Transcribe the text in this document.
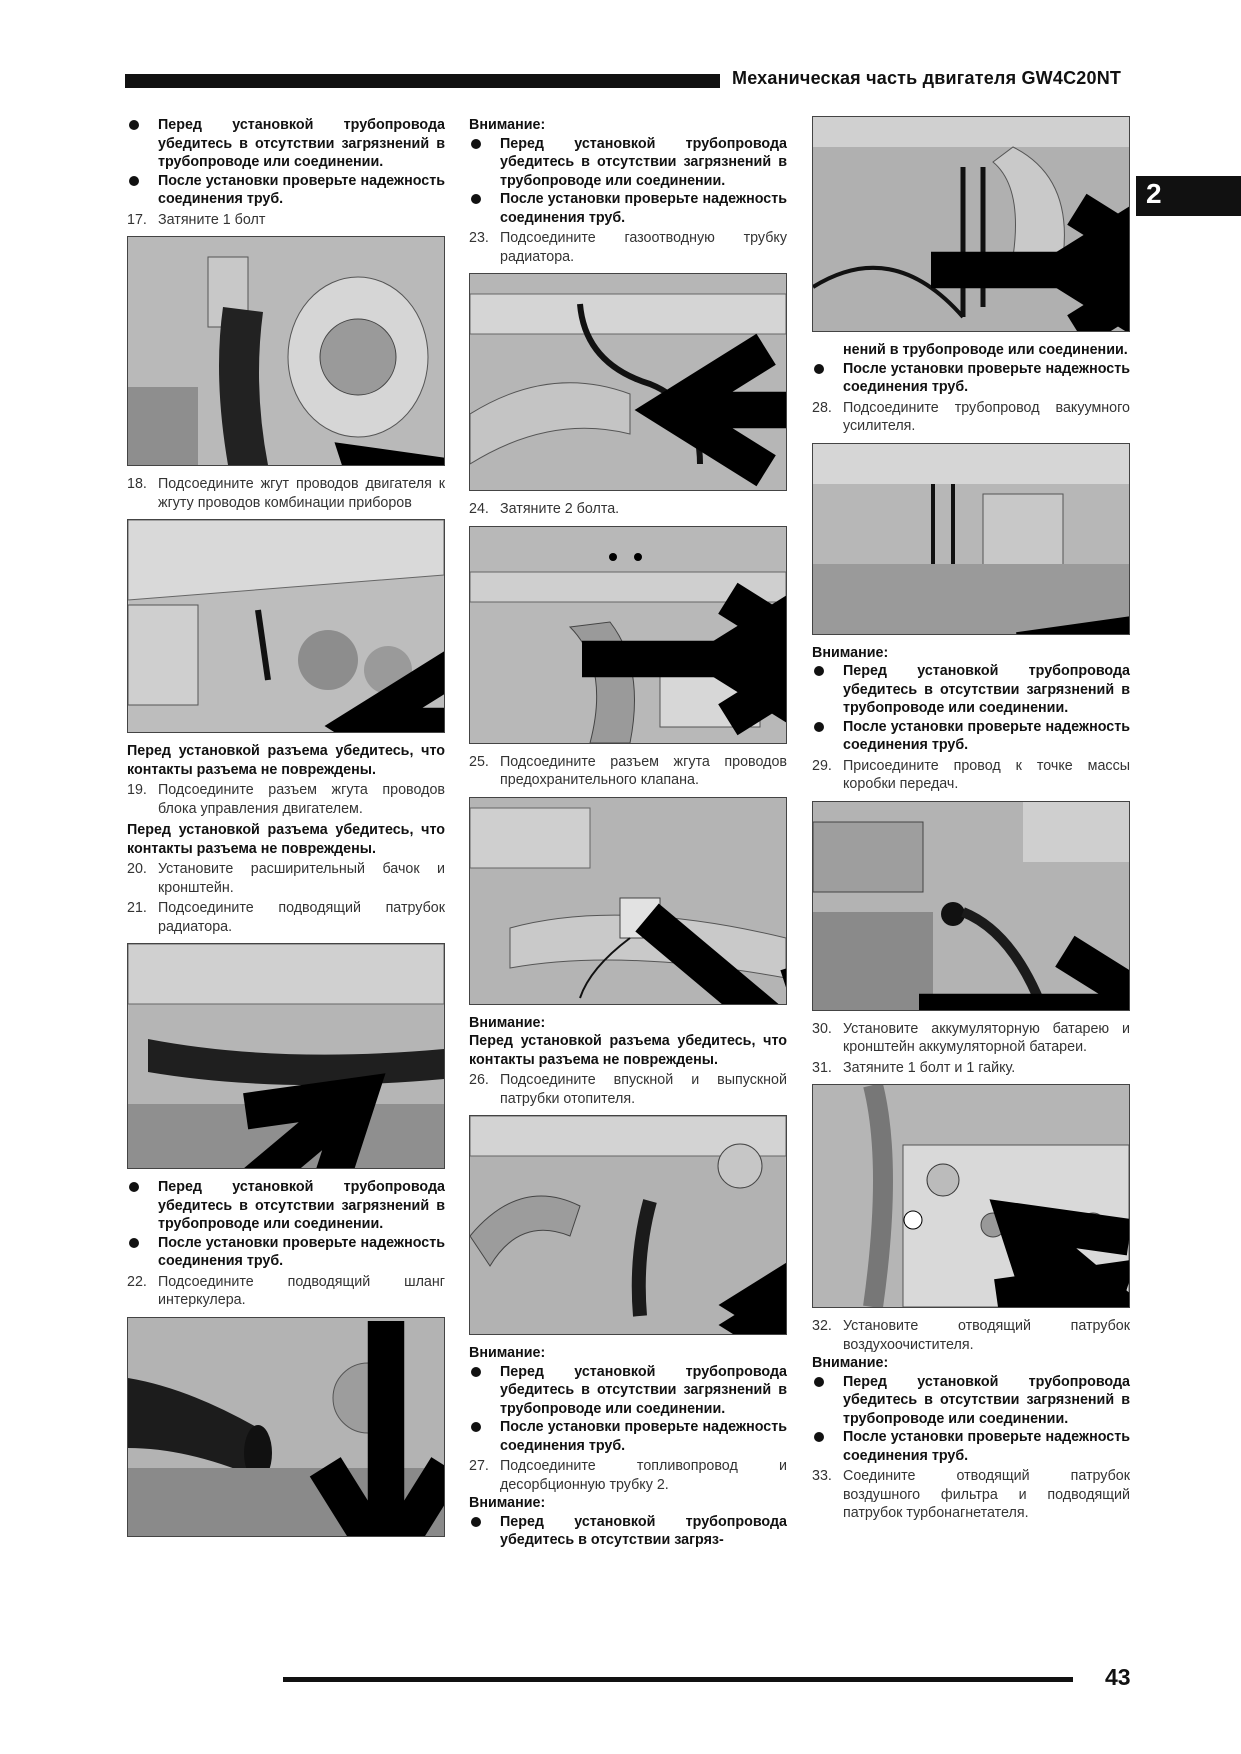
Механическая часть двигателя GW4C20NT
2
Перед установкой трубопровода убедитесь в отсутствии загрязнений в трубопроводе или соединении.
После установки проверьте надежность соединения труб.
17. Затяните 1 болт
18. Подсоедините жгут проводов двигателя к жгуту проводов комбинации приборов
Перед установкой разъема убедитесь, что контакты разъема не повреждены.
19. Подсоедините разъем жгута проводов блока управления двигателем.
Перед установкой разъема убедитесь, что контакты разъема не повреждены.
20. Установите расширительный бачок и кронштейн.
21. Подсоедините подводящий патрубок радиатора.
Перед установкой трубопровода убедитесь в отсутствии загрязнений в трубопроводе или соединении.
После установки проверьте надежность соединения труб.
22. Подсоедините подводящий шланг интеркулера.
Внимание:
Перед установкой трубопровода убедитесь в отсутствии загрязнений в трубопроводе или соединении.
После установки проверьте надежность соединения труб.
23. Подсоедините газоотводную трубку радиатора.
24. Затяните 2 болта.
25. Подсоедините разъем жгута проводов предохранительного клапана.
Внимание:
Перед установкой разъема убедитесь, что контакты разъема не повреждены.
26. Подсоедините впускной и выпускной патрубки отопителя.
Внимание:
Перед установкой трубопровода убедитесь в отсутствии загрязнений в трубопроводе или соединении.
После установки проверьте надежность соединения труб.
27. Подсоедините топливопровод и десорбционную трубку 2.
Внимание:
Перед установкой трубопровода убедитесь в отсутствии загряз-
нений в трубопроводе или соединении.
После установки проверьте надежность соединения труб.
28. Подсоедините трубопровод вакуумного усилителя.
Внимание:
Перед установкой трубопровода убедитесь в отсутствии загрязнений в трубопроводе или соединении.
После установки проверьте надежность соединения труб.
29. Присоедините провод к точке массы коробки передач.
30. Установите аккумуляторную батарею и кронштейн аккумуляторной батареи.
31. Затяните 1 болт и 1 гайку.
32. Установите отводящий патрубок воздухоочистителя.
Внимание:
Перед установкой трубопровода убедитесь в отсутствии загрязнений в трубопроводе или соединении.
После установки проверьте надежность соединения труб.
33. Соедините отводящий патрубок воздушного фильтра и подводящий патрубок турбонагнетателя.
43
